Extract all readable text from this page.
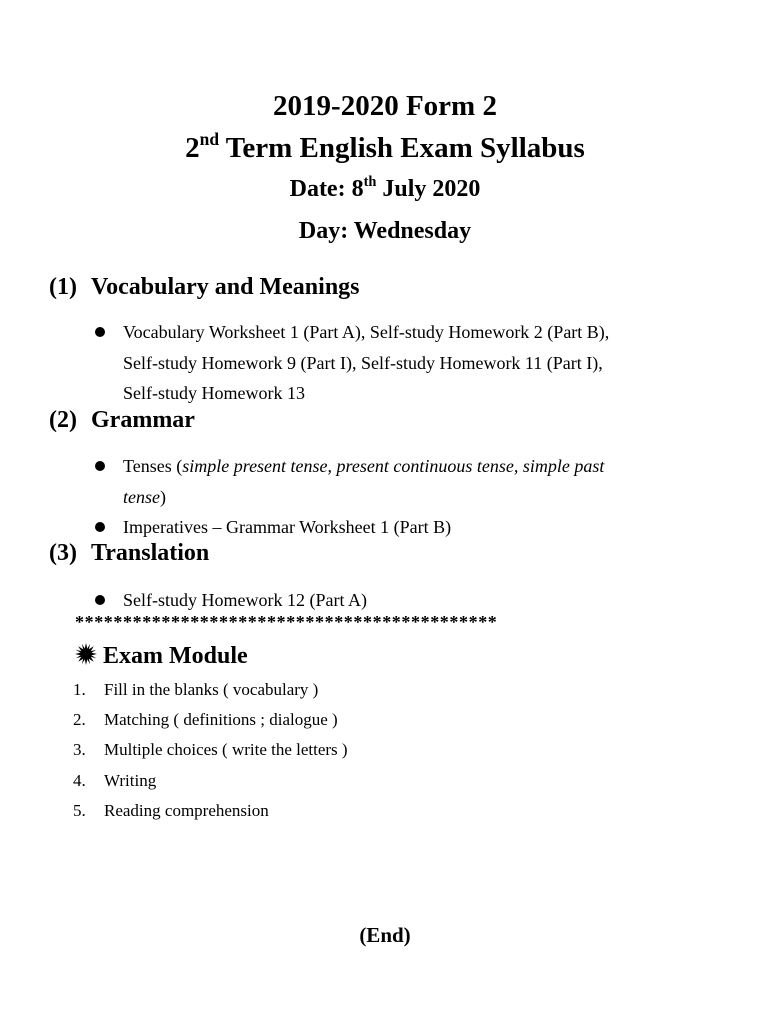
2019-2020 Form 2
2nd Term English Exam Syllabus
Date: 8th July 2020
Day: Wednesday
(1) Vocabulary and Meanings
Vocabulary Worksheet 1 (Part A), Self-study Homework 2 (Part B),
Self-study Homework 9 (Part I), Self-study Homework 11 (Part I),
Self-study Homework 13
(2) Grammar
Tenses (simple present tense, present continuous tense, simple past
tense)
Imperatives – Grammar Worksheet 1 (Part B)
(3) Translation
Self-study Homework 12 (Part A)
********************************************
Exam Module
1. Fill in the blanks ( vocabulary )
2. Matching ( definitions ; dialogue )
3. Multiple choices ( write the letters )
4. Writing
5. Reading comprehension
(End)
